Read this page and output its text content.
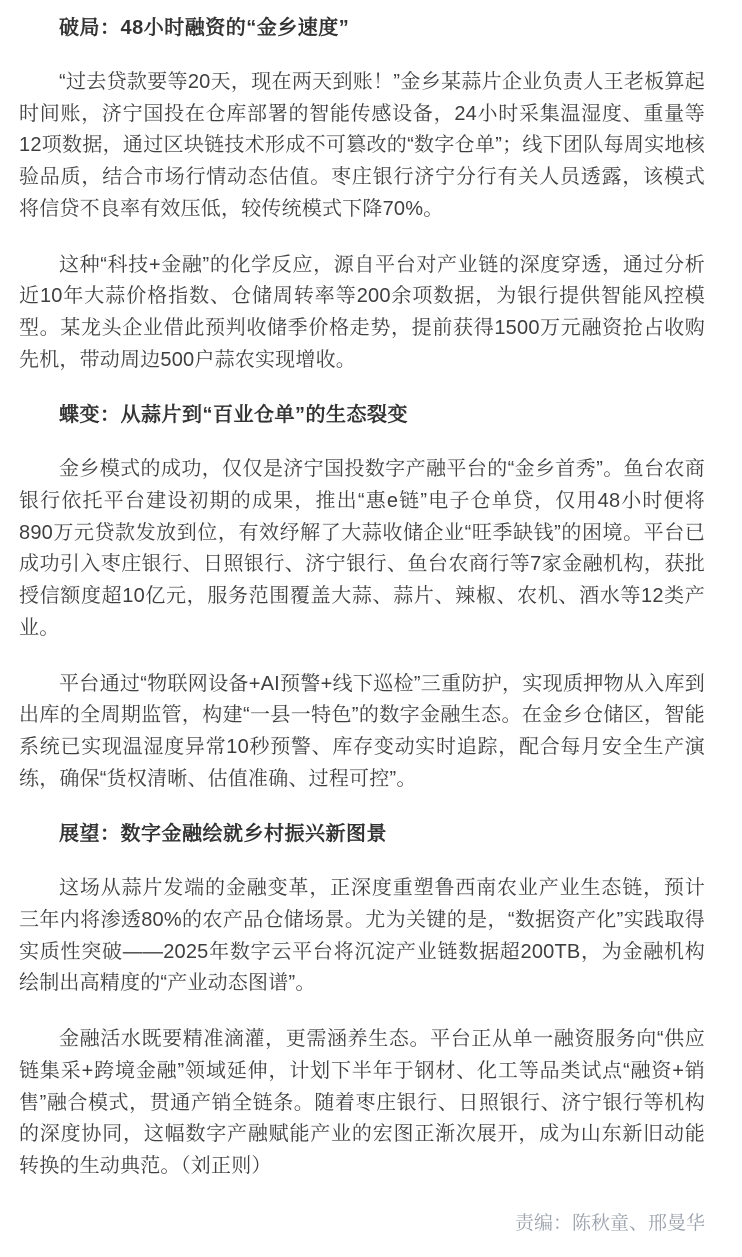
破局：48小时融资的“金乡速度”

“过去贷款要等20天，现在两天到账！”金乡某蒜片企业负责人王老板算起时间账，济宁国投在仓库部署的智能传感设备，24小时采集温湿度、重量等12项数据，通过区块链技术形成不可篡改的“数字仓单”；线下团队每周实地核验品质，结合市场行情动态估值。枣庄银行济宁分行有关人员透露，该模式将信贷不良率有效压低，较传统模式下降70%。

这种“科技+金融”的化学反应，源自平台对产业链的深度穿透，通过分析近10年大蒜价格指数、仓储周转率等200余项数据，为银行提供智能风控模型。某龙头企业借此预判收储季价格走势，提前获得1500万元融资抢占收购先机，带动周边500户蒜农实现增收。

蝶变：从蒜片到“百业仓单”的生态裂变

金乡模式的成功，仅仅是济宁国投数字产融平台的“金乡首秀”。鱼台农商银行依托平台建设初期的成果，推出“惠e链”电子仓单贷，仅用48小时便将890万元贷款发放到位，有效纾解了大蒜收储企业“旺季缺钱”的困境。平台已成功引入枣庄银行、日照银行、济宁银行、鱼台农商行等7家金融机构，获批授信额度超10亿元，服务范围覆盖大蒜、蒜片、辣椒、农机、酒水等12类产业。

平台通过“物联网设备+AI预警+线下巡检”三重防护，实现质押物从入库到出库的全周期监管，构建“一县一特色”的数字金融生态。在金乡仓储区，智能系统已实现温湿度异常10秒预警、库存变动实时追踪，配合每月安全生产演练，确保“货权清晰、估值准确、过程可控”。

展望：数字金融绘就乡村振兴新图景

这场从蒜片发端的金融变革，正深度重塑鲁西南农业产业生态链，预计三年内将渗透80%的农产品仓储场景。尤为关键的是，“数据资产化”实践取得实质性突破——2025年数字云平台将沉淀产业链数据超200TB，为金融机构绘制出高精度的“产业动态图谱”。

金融活水既要精准滴灌，更需涵养生态。平台正从单一融资服务向“供应链集采+跨境金融”领域延伸，计划下半年于钢材、化工等品类试点“融资+销售”融合模式，贯通产销全链条。随着枣庄银行、日照银行、济宁银行等机构的深度协同，这幅数字产融赋能产业的宏图正渐次展开，成为山东新旧动能转换的生动典范。（刘正则）

责编：陈秋童、邢曼华
